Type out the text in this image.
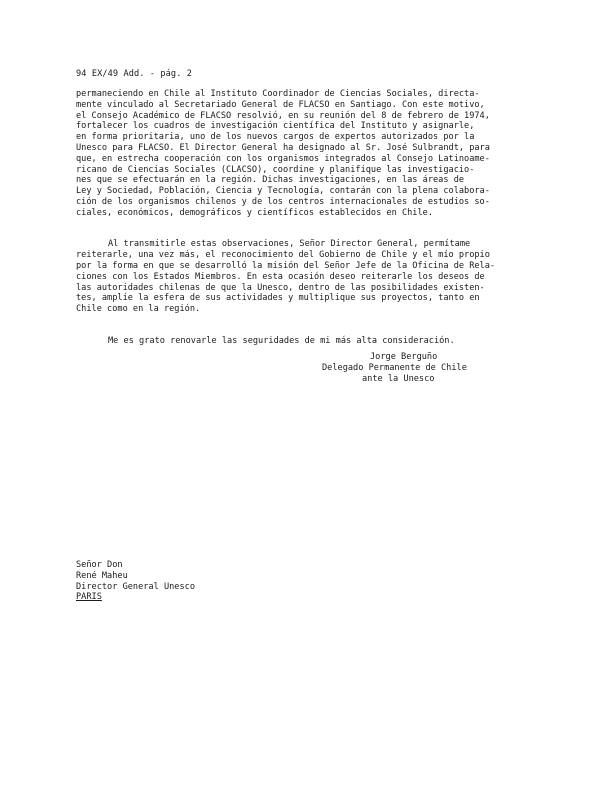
94 EX/49 Add. - pág. 2
permaneciendo en Chile al Instituto Coordinador de Ciencias Sociales, directa-
mente vinculado al Secretariado General de FLACSO en Santiago. Con este motivo,
el Consejo Académico de FLACSO resolvió, en su reunión del 8 de febrero de 1974,
fortalecer los cuadros de investigación científica del Instituto y asignarle,
en forma prioritaria, uno de los nuevos cargos de expertos autorizados por la
Unesco para FLACSO. El Director General ha designado al Sr. José Sulbrandt, para
que, en estrecha cooperación con los organismos integrados al Consejo Latinoame-
ricano de Ciencias Sociales (CLACSO), coordine y planifique las investigacio-
nes que se efectuarán en la región. Dichas investigaciones, en las áreas de
Ley y Sociedad, Población, Ciencia y Tecnología, contarán con la plena colabora-
ción de los organismos chilenos y de los centros internacionales de estudios so-
ciales, económicos, demográficos y científicos establecidos en Chile.
Al transmitirle estas observaciones, Señor Director General, permítame
reiterarle, una vez más, el reconocimiento del Gobierno de Chile y el mío propio
por la forma en que se desarrolló la misión del Señor Jefe de la Oficina de Rela-
ciones con los Estados Miembros. En esta ocasión deseo reiterarle los deseos de
las autoridades chilenas de que la Unesco, dentro de las posibilidades existen-
tes, amplíe la esfera de sus actividades y multiplique sus proyectos, tanto en
Chile como en la región.
Me es grato renovarle las seguridades de mi más alta consideración.
Jorge Berguño
Delegado Permanente de Chile
ante la Unesco
Señor Don
René Maheu
Director General Unesco
PARIS
